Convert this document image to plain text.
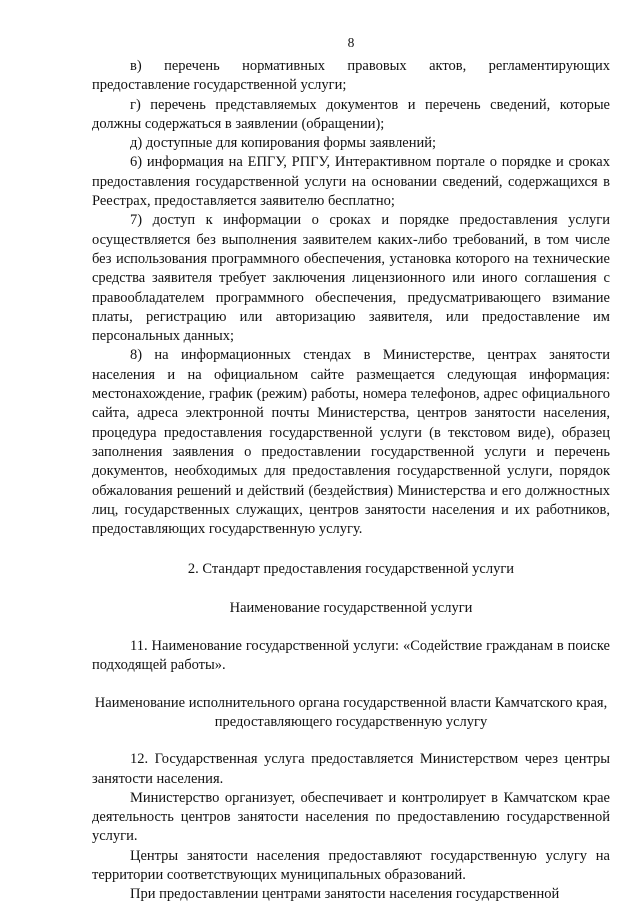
8

в) перечень нормативных правовых актов, регламентирующих предоставление государственной услуги;

г) перечень представляемых документов и перечень сведений, которые должны содержаться в заявлении (обращении);

д) доступные для копирования формы заявлений;

6) информация на ЕПГУ, РПГУ, Интерактивном портале о порядке и сроках предоставления государственной услуги на основании сведений, содержащихся в Реестрах, предоставляется заявителю бесплатно;

7) доступ к информации о сроках и порядке предоставления услуги осуществляется без выполнения заявителем каких-либо требований, в том числе без использования программного обеспечения, установка которого на технические средства заявителя требует заключения лицензионного или иного соглашения с правообладателем программного обеспечения, предусматривающего взимание платы, регистрацию или авторизацию заявителя, или предоставление им персональных данных;

8) на информационных стендах в Министерстве, центрах занятости населения и на официальном сайте размещается следующая информация: местонахождение, график (режим) работы, номера телефонов, адрес официального сайта, адреса электронной почты Министерства, центров занятости населения, процедура предоставления государственной услуги (в текстовом виде), образец заполнения заявления о предоставлении государственной услуги и перечень документов, необходимых для предоставления государственной услуги, порядок обжалования решений и действий (бездействия) Министерства и его должностных лиц, государственных служащих, центров занятости населения и их работников, предоставляющих государственную услугу.

2. Стандарт предоставления государственной услуги

Наименование государственной услуги

11. Наименование государственной услуги: «Содействие гражданам в поиске подходящей работы».

Наименование исполнительного органа государственной власти Камчатского края, предоставляющего государственную услугу

12. Государственная услуга предоставляется Министерством через центры занятости населения.

Министерство организует, обеспечивает и контролирует в Камчатском крае деятельность центров занятости населения по предоставлению государственной услуги.

Центры занятости населения предоставляют государственную услугу на территории соответствующих муниципальных образований.

При предоставлении центрами занятости населения государственной
